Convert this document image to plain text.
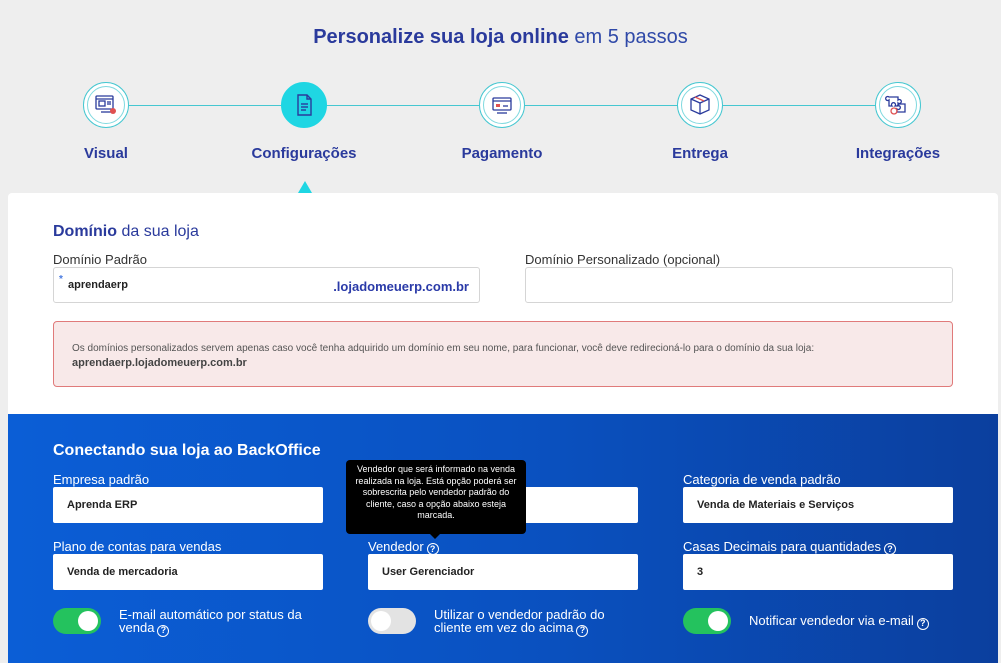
Personalize sua loja online em 5 passos
Visual	Configurações	Pagamento	Entrega	Integrações
Domínio da sua loja
Domínio Padrão
* aprendaerp	.lojadomeuerp.com.br
Domínio Personalizado (opcional)
Os domínios personalizados servem apenas caso você tenha adquirido um domínio em seu nome, para funcionar, você deve redirecioná-lo para o domínio da sua loja:
aprendaerp.lojadomeuerp.com.br
Conectando sua loja ao BackOffice
Empresa padrão
Aprenda ERP
Categoria de venda padrão
Venda de Materiais e Serviços
Plano de contas para vendas
Venda de mercadoria
Vendedor ?
User Gerenciador
Casas Decimais para quantidades ?
3
E-mail automático por status da venda ?
Utilizar o vendedor padrão do cliente em vez do acima ?
Notificar vendedor via e-mail ?
Vendedor que será informado na venda realizada na loja. Está opção poderá ser sobrescrita pelo vendedor padrão do cliente, caso a opção abaixo esteja marcada.
